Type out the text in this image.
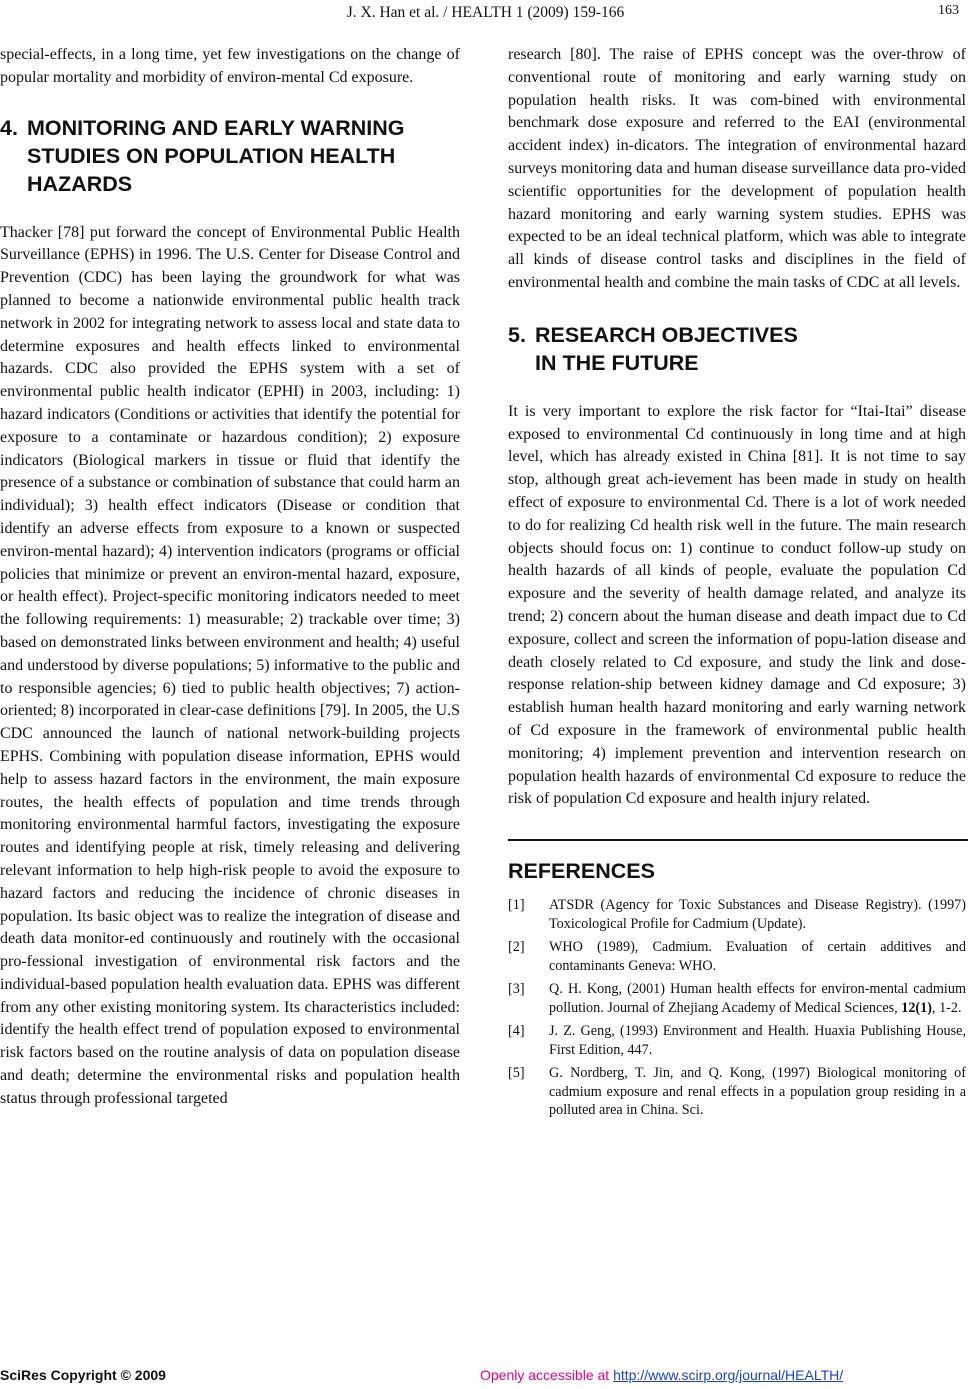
J. X. Han et al. / HEALTH 1 (2009) 159-166	163

special-effects, in a long time, yet few investigations on the change of popular mortality and morbidity of environ-mental Cd exposure.

4. MONITORING AND EARLY WARNING
STUDIES ON POPULATION HEALTH
HAZARDS

Thacker [78] put forward the concept of Environmental Public Health Surveillance (EPHS) in 1996. The U.S. Center for Disease Control and Prevention (CDC) has been laying the groundwork for what was planned to become a nationwide environmental public health track network in 2002 for integrating network to assess local and state data to determine exposures and health effects linked to environmental hazards. CDC also provided the EPHS system with a set of environmental public health indicator (EPHI) in 2003, including: 1) hazard indicators (Conditions or activities that identify the potential for exposure to a contaminate or hazardous condition); 2) exposure indicators (Biological markers in tissue or fluid that identify the presence of a substance or combination of substance that could harm an individual); 3) health effect indicators (Disease or condition that identify an adverse effects from exposure to a known or suspected environ-mental hazard); 4) intervention indicators (programs or official policies that minimize or prevent an environ-mental hazard, exposure, or health effect). Project-specific monitoring indicators needed to meet the following requirements: 1) measurable; 2) trackable over time; 3) based on demonstrated links between environment and health; 4) useful and understood by diverse populations; 5) informative to the public and to responsible agencies; 6) tied to public health objectives; 7) action-oriented; 8) incorporated in clear-case definitions [79]. In 2005, the U.S CDC announced the launch of national network-building projects EPHS. Combining with population disease information, EPHS would help to assess hazard factors in the environment, the main exposure routes, the health effects of population and time trends through monitoring environmental harmful factors, investigating the exposure routes and identifying people at risk, timely releasing and delivering relevant information to help high-risk people to avoid the exposure to hazard factors and reducing the incidence of chronic diseases in population. Its basic object was to realize the integration of disease and death data monitor-ed continuously and routinely with the occasional pro-fessional investigation of environmental risk factors and the individual-based population health evaluation data. EPHS was different from any other existing monitoring system. Its characteristics included: identify the health effect trend of population exposed to environmental risk factors based on the routine analysis of data on population disease and death; determine the environmental risks and population health status through professional targeted

research [80]. The raise of EPHS concept was the over-throw of conventional route of monitoring and early warning study on population health risks. It was com-bined with environmental benchmark dose exposure and referred to the EAI (environmental accident index) in-dicators. The integration of environmental hazard surveys monitoring data and human disease surveillance data pro-vided scientific opportunities for the development of population health hazard monitoring and early warning system studies. EPHS was expected to be an ideal technical platform, which was able to integrate all kinds of disease control tasks and disciplines in the field of environmental health and combine the main tasks of CDC at all levels.

5. RESEARCH OBJECTIVES
IN THE FUTURE

It is very important to explore the risk factor for “Itai-Itai” disease exposed to environmental Cd continuously in long time and at high level, which has already existed in China [81]. It is not time to say stop, although great ach-ievement has been made in study on health effect of exposure to environmental Cd. There is a lot of work needed to do for realizing Cd health risk well in the future. The main research objects should focus on: 1) continue to conduct follow-up study on health hazards of all kinds of people, evaluate the population Cd exposure and the severity of health damage related, and analyze its trend; 2) concern about the human disease and death impact due to Cd exposure, collect and screen the information of popu-lation disease and death closely related to Cd exposure, and study the link and dose-response relation-ship between kidney damage and Cd exposure; 3) establish human health hazard monitoring and early warning network of Cd exposure in the framework of environmental public health monitoring; 4) implement prevention and intervention research on population health hazards of environmental Cd exposure to reduce the risk of population Cd exposure and health injury related.

REFERENCES
[1]	ATSDR (Agency for Toxic Substances and Disease Registry). (1997) Toxicological Profile for Cadmium (Update).
[2]	WHO (1989), Cadmium. Evaluation of certain additives and contaminants Geneva: WHO.
[3]	Q. H. Kong, (2001) Human health effects for environ-mental cadmium pollution. Journal of Zhejiang Academy of Medical Sciences, 12(1), 1-2.
[4]	J. Z. Geng, (1993) Environment and Health. Huaxia Publishing House, First Edition, 447.
[5]	G. Nordberg, T. Jin, and Q. Kong, (1997) Biological monitoring of cadmium exposure and renal effects in a population group residing in a polluted area in China. Sci.
SciRes Copyright © 2009	Openly accessible at http://www.scirp.org/journal/HEALTH/
